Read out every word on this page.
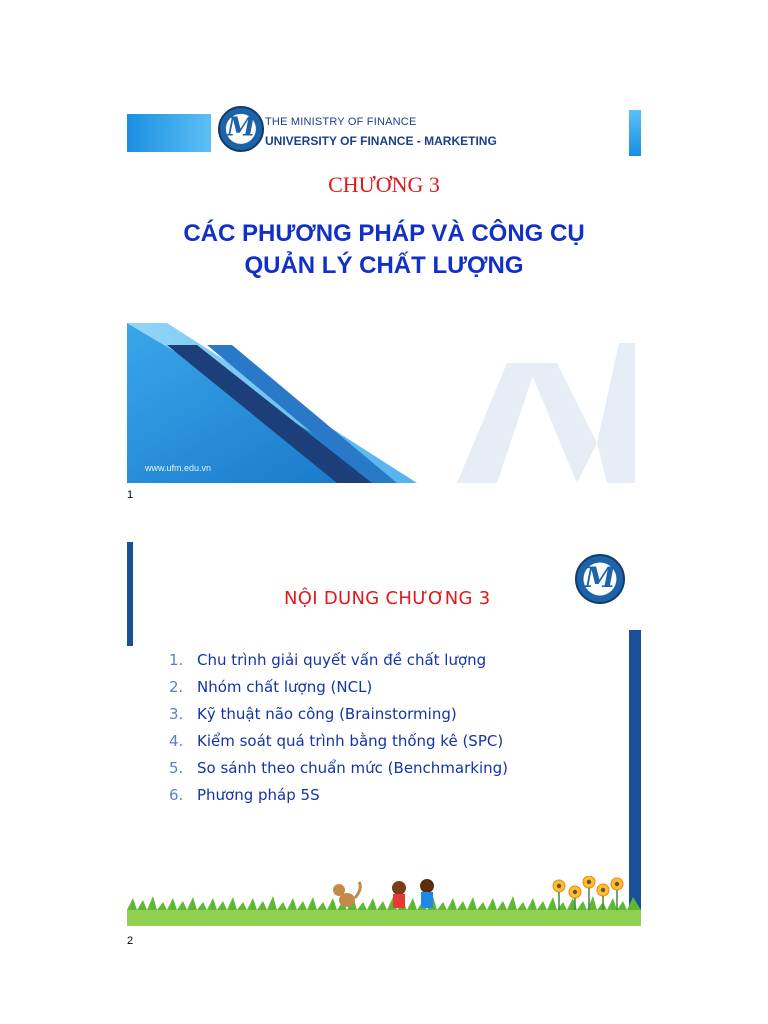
M THE MINISTRY OF FINANCE
UNIVERSITY OF FINANCE - MARKETING
CHƯƠNG 3
CÁC PHƯƠNG PHÁP VÀ CÔNG CỤ
QUẢN LÝ CHẤT LƯỢNG
www.ufm.edu.vn
1
NỘI DUNG CHƯƠNG 3
M
1. Chu trình giải quyết vấn đề chất lượng
2. Nhóm chất lượng (NCL)
3. Kỹ thuật não công (Brainstorming)
4. Kiểm soát quá trình bằng thống kê (SPC)
5. So sánh theo chuẩn mức (Benchmarking)
6. Phương pháp 5S
2
